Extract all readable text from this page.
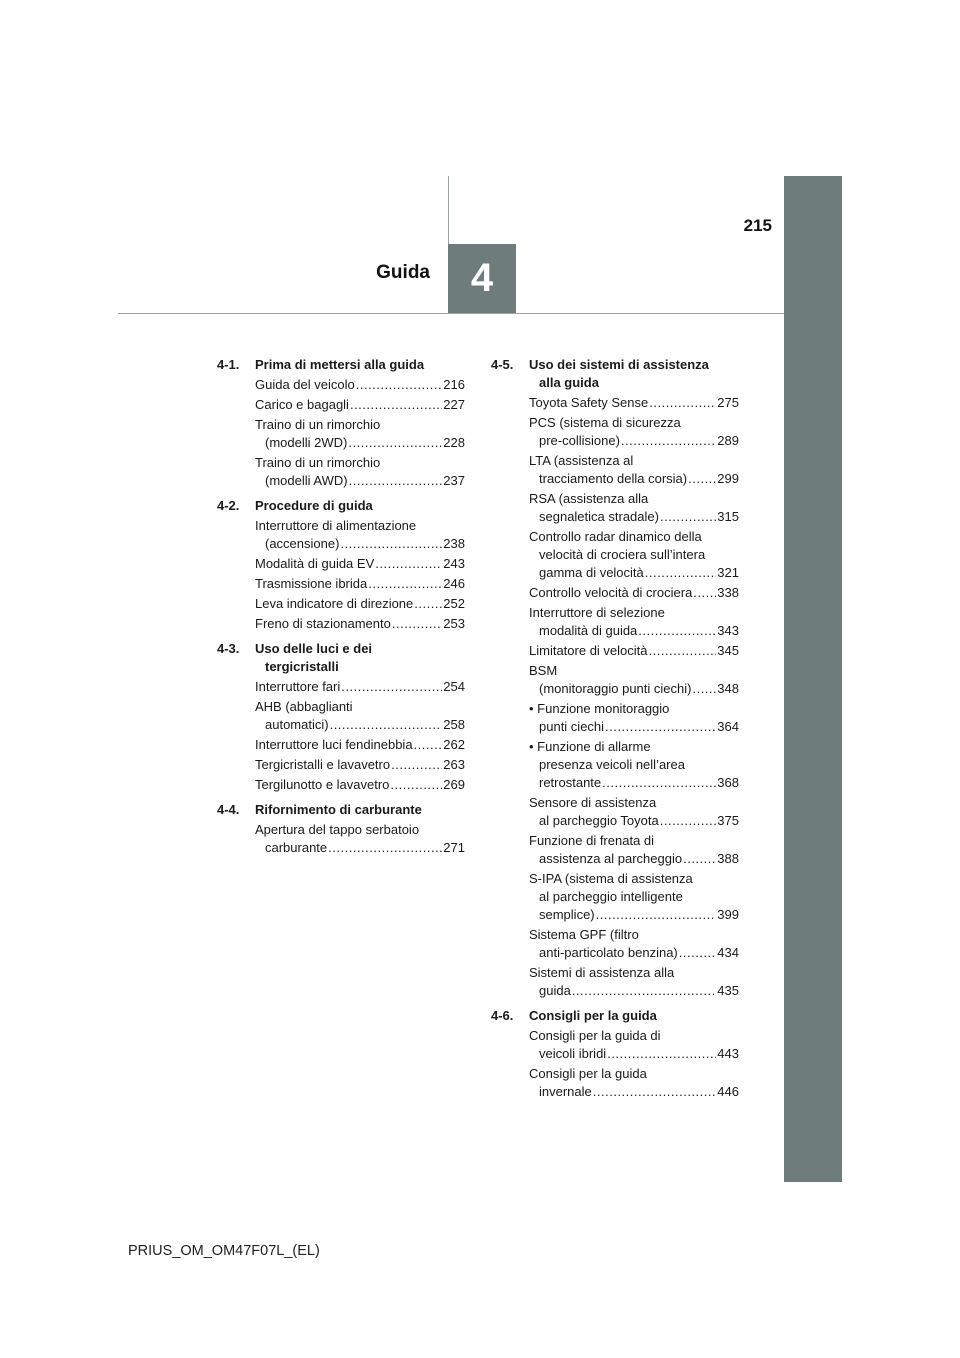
215
Guida 4
4-1.	Prima di mettersi alla guida
Guida del veicolo .....	216
Carico e bagagli .....	227
Traino di un rimorchio
(modelli 2WD) .....	228
Traino di un rimorchio
(modelli AWD) .....	237
4-2.	Procedure di guida
Interruttore di alimentazione
(accensione) .....	238
Modalità di guida EV .....	243
Trasmissione ibrida .....	246
Leva indicatore di direzione ..... 252
Freno di stazionamento .....	253
4-3.	Uso delle luci e dei
tergicristalli
Interruttore fari .....	254
AHB (abbaglianti
automatici) .....	258
Interruttore luci fendinebbia ..... 262
Tergicristalli e lavavetro .....	263
Tergilunotto e lavavetro .....	269
4-4.	Rifornimento di carburante
Apertura del tappo serbatoio
carburante .....	271
4-5.	Uso dei sistemi di assistenza
alla guida
Toyota Safety Sense .....	275
PCS (sistema di sicurezza
pre-collisione) .....	289
LTA (assistenza al
tracciamento della corsia) ..... 299
RSA (assistenza alla
segnaletica stradale) .....	315
Controllo radar dinamico della
velocità di crociera sull’intera
gamma di velocità .....	321
Controllo velocità di crociera ..... 338
Interruttore di selezione
modalità di guida .....	343
Limitatore di velocità .....	345
BSM
(monitoraggio punti ciechi) ..... 348
• Funzione monitoraggio
punti ciechi .....	364
• Funzione di allarme
presenza veicoli nell’area
retrostante .....	368
Sensore di assistenza
al parcheggio Toyota .....	375
Funzione di frenata di
assistenza al parcheggio .....	388
S-IPA (sistema di assistenza
al parcheggio intelligente
semplice) .....	399
Sistema GPF (filtro
anti-particolato benzina) .....	434
Sistemi di assistenza alla
guida .....	435
4-6.	Consigli per la guida
Consigli per la guida di
veicoli ibridi .....	443
Consigli per la guida
invernale .....	446
PRIUS_OM_OM47F07L_(EL)
